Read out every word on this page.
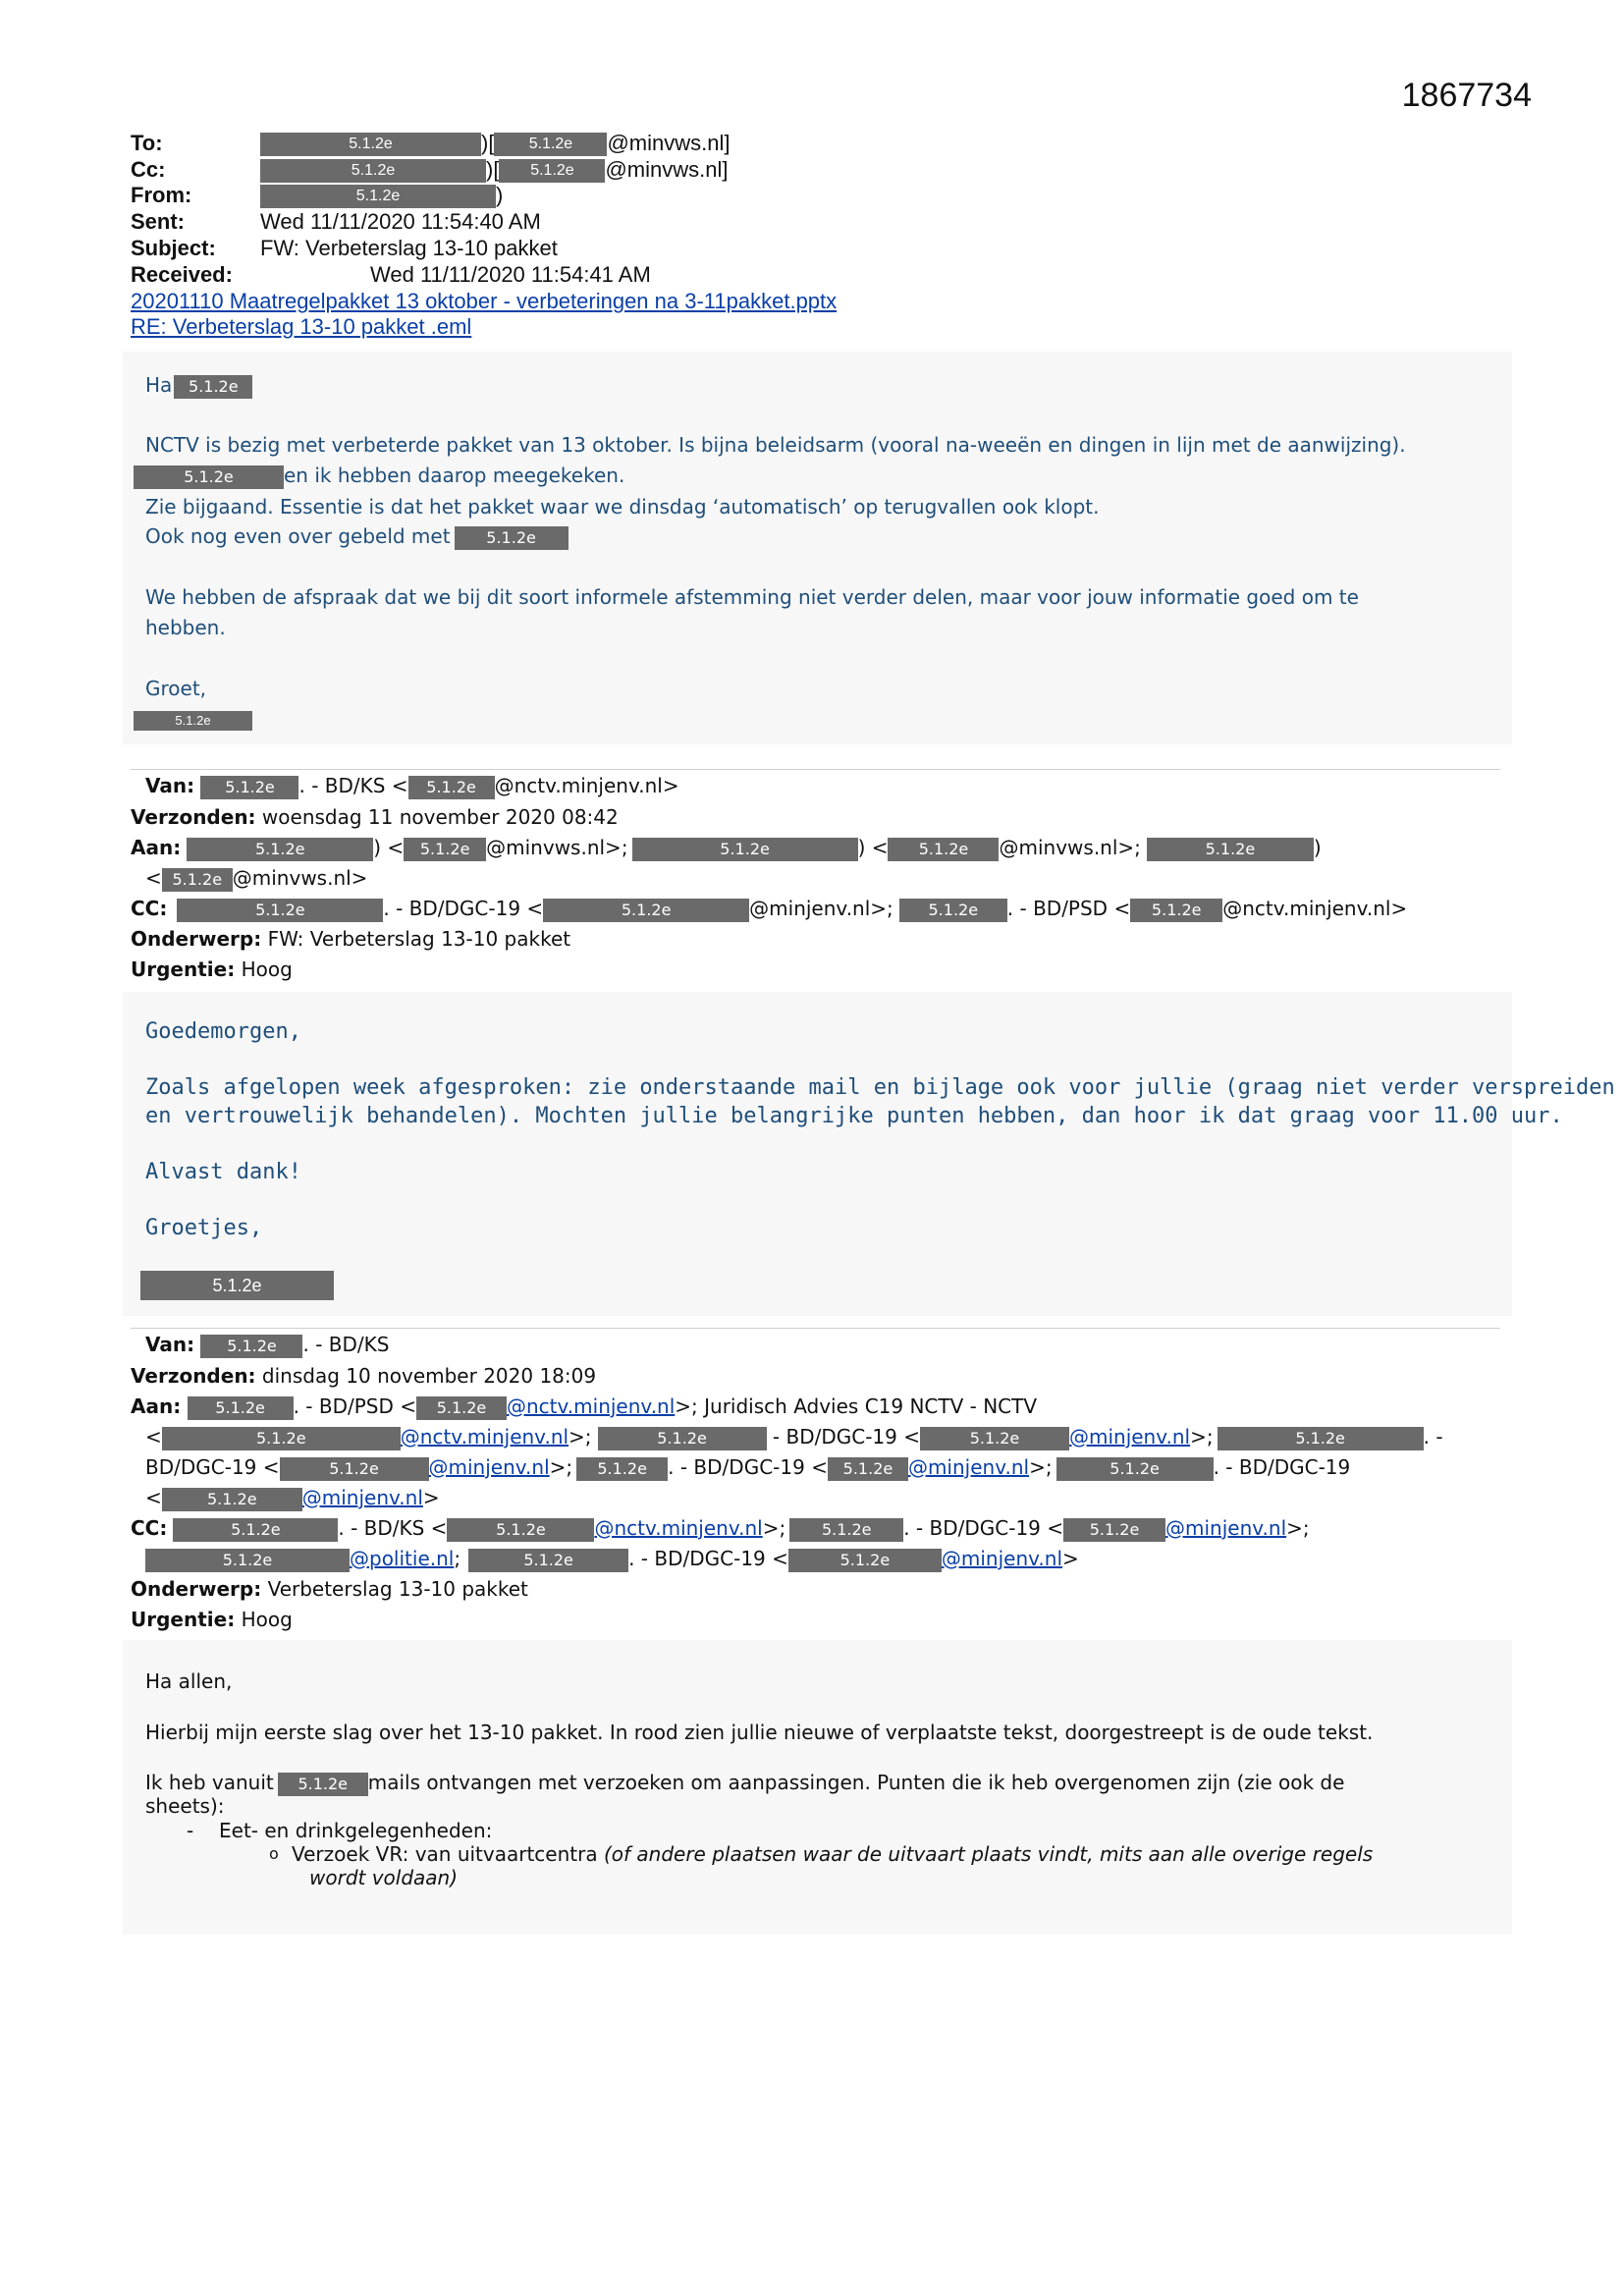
1867734
To:	5.1.2e	)[ 5.1.2e @minvws.nl]
Cc:	5.1.2e	)[ 5.1.2e @minvws.nl]
From:	5.1.2e	)
Sent:	Wed 11/11/2020 11:54:40 AM
Subject: FW: Verbeterslag 13-10 pakket
Received:	Wed 11/11/2020 11:54:41 AM
20201110 Maatregelpakket 13 oktober - verbeteringen na 3-11pakket.pptx
RE: Verbeterslag 13-10 pakket .eml
Ha 5.1.2e
NCTV is bezig met verbeterde pakket van 13 oktober. Is bijna beleidsarm (vooral na-weeën en dingen in lijn met de aanwijzing).
5.1.2e	en ik hebben daarop meegekeken.
Zie bijgaand. Essentie is dat het pakket waar we dinsdag ‘automatisch’ op terugvallen ook klopt.
Ook nog even over gebeld met 5.1.2e
We hebben de afspraak dat we bij dit soort informele afstemming niet verder delen, maar voor jouw informatie goed om te
hebben.
Groet,
5.1.2e
Van: 5.1.2e . - BD/KS < 5.1.2e @nctv.minjenv.nl>
Verzonden: woensdag 11 november 2020 08:42
Aan:	5.1.2e	) < 5.1.2e @minvws.nl>;	5.1.2e	) < 5.1.2e @minvws.nl>;	5.1.2e	)
< 5.1.2e @minvws.nl>
CC:	5.1.2e	. - BD/DGC-19 <	5.1.2e	@minjenv.nl>; 5.1.2e . - BD/PSD < 5.1.2e @nctv.minjenv.nl>
Onderwerp: FW: Verbeterslag 13-10 pakket
Urgentie: Hoog
Goedemorgen,
Zoals afgelopen week afgesproken: zie onderstaande mail en bijlage ook voor jullie (graag niet verder verspreiden
en vertrouwelijk behandelen). Mochten jullie belangrijke punten hebben, dan hoor ik dat graag voor 11.00 uur.
Alvast dank!
Groetjes,
5.1.2e
Van: 5.1.2e . - BD/KS
Verzonden: dinsdag 10 november 2020 18:09
Aan: 5.1.2e . - BD/PSD < 5.1.2e @nctv.minjenv.nl>; Juridisch Advies C19 NCTV - NCTV
<	5.1.2e	@nctv.minjenv.nl>;	5.1.2e	- BD/DGC-19 <	5.1.2e	@minjenv.nl>;	5.1.2e	. -
BD/DGC-19 <	5.1.2e	@minjenv.nl>; 5.1.2e . - BD/DGC-19 < 5.1.2e @minjenv.nl>;	5.1.2e	. - BD/DGC-19
<	5.1.2e @minjenv.nl>
CC:	5.1.2e	. - BD/KS <	5.1.2e @nctv.minjenv.nl>; 5.1.2e . - BD/DGC-19 < 5.1.2e @minjenv.nl>;
5.1.2e	@politie.nl;	5.1.2e	. - BD/DGC-19 <	5.1.2e	@minjenv.nl>
Onderwerp: Verbeterslag 13-10 pakket
Urgentie: Hoog
Ha allen,
Hierbij mijn eerste slag over het 13-10 pakket. In rood zien jullie nieuwe of verplaatste tekst, doorgestreept is de oude tekst.
Ik heb vanuit 5.1.2e mails ontvangen met verzoeken om aanpassingen. Punten die ik heb overgenomen zijn (zie ook de
sheets):
- Eet- en drinkgelegenheden:
o Verzoek VR: van uitvaartcentra (of andere plaatsen waar de uitvaart plaats vindt, mits aan alle overige regels
wordt voldaan)
